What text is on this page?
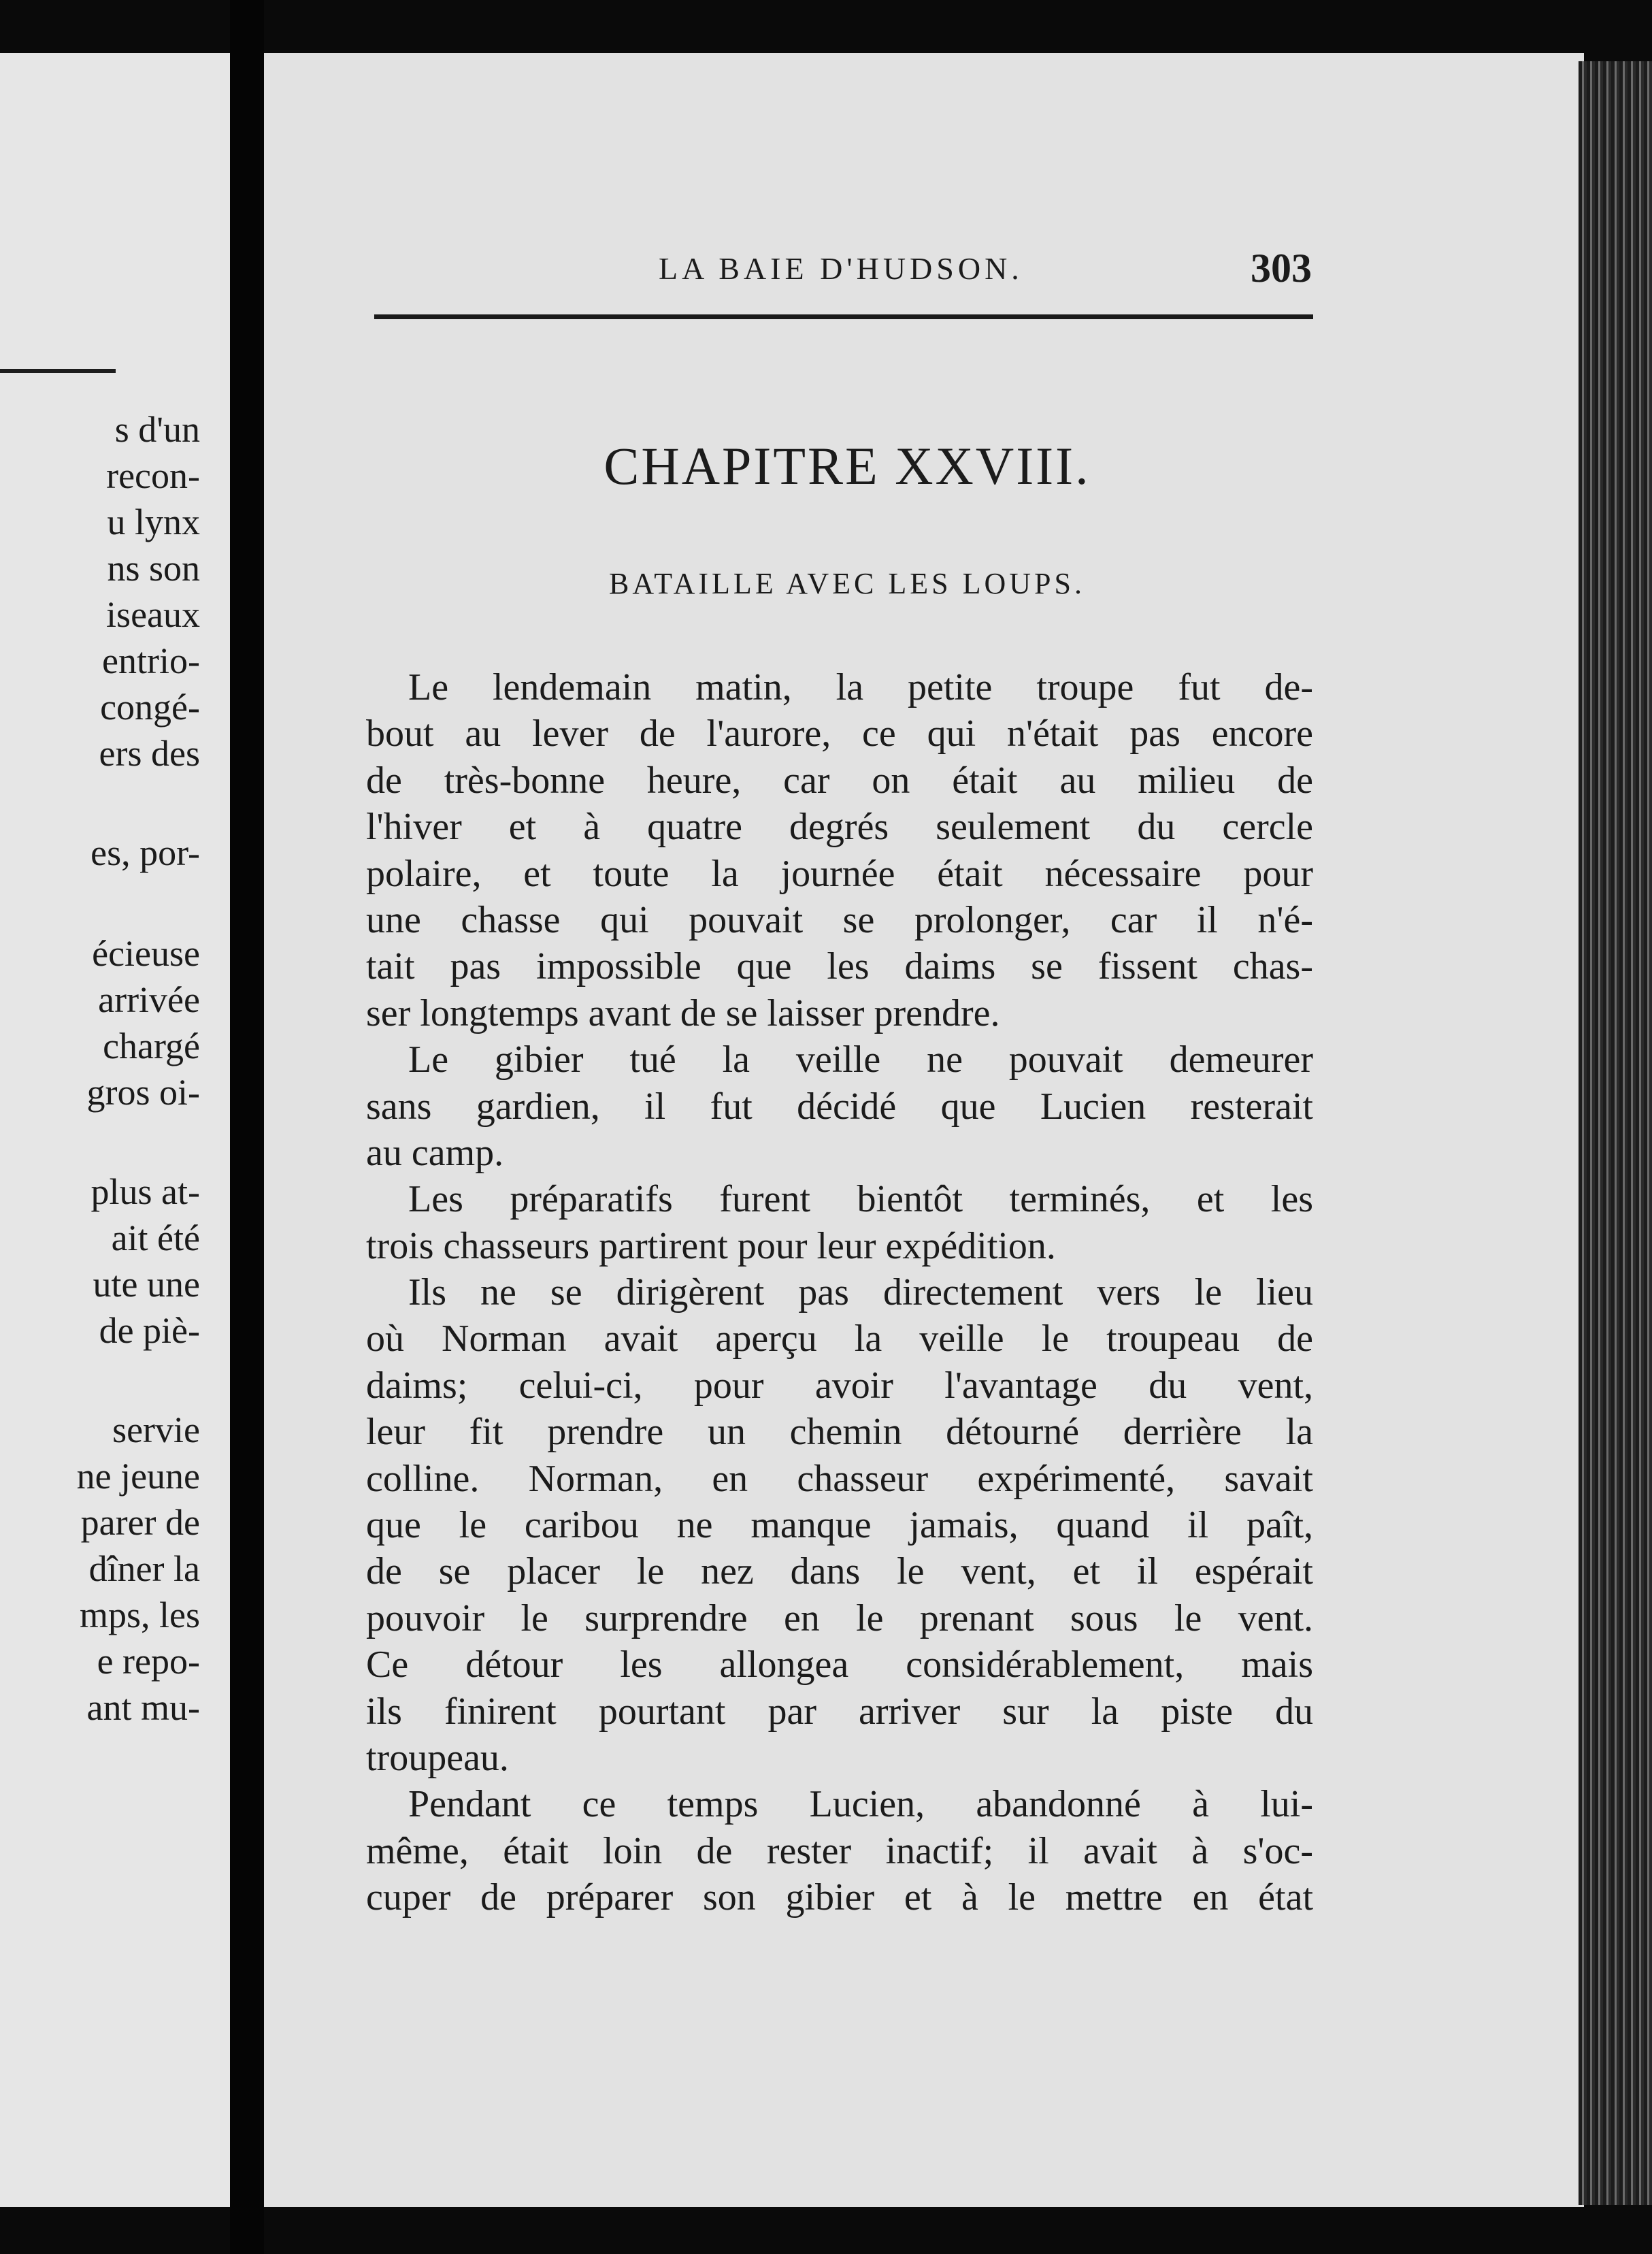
s d'un
recon-
u lynx
ns son
iseaux
entrio-
congé-
ers des
es, por-
écieuse
arrivée
chargé
gros oi-
plus at-
ait été
ute une
de piè-
servie
ne jeune
parer de
dîner la
mps, les
e repo-
ant mu-
LA BAIE D'HUDSON.	303
CHAPITRE XXVIII.
BATAILLE AVEC LES LOUPS.
Le lendemain matin, la petite troupe fut de-
bout au lever de l'aurore, ce qui n'était pas encore
de très-bonne heure, car on était au milieu de
l'hiver et à quatre degrés seulement du cercle
polaire, et toute la journée était nécessaire pour
une chasse qui pouvait se prolonger, car il n'é-
tait pas impossible que les daims se fissent chas-
ser longtemps avant de se laisser prendre.
Le gibier tué la veille ne pouvait demeurer
sans gardien, il fut décidé que Lucien resterait
au camp.
Les préparatifs furent bientôt terminés, et les
trois chasseurs partirent pour leur expédition.
Ils ne se dirigèrent pas directement vers le lieu
où Norman avait aperçu la veille le troupeau de
daims; celui-ci, pour avoir l'avantage du vent,
leur fit prendre un chemin détourné derrière la
colline. Norman, en chasseur expérimenté, savait
que le caribou ne manque jamais, quand il paît,
de se placer le nez dans le vent, et il espérait
pouvoir le surprendre en le prenant sous le vent.
Ce détour les allongea considérablement, mais
ils finirent pourtant par arriver sur la piste du
troupeau.
Pendant ce temps Lucien, abandonné à lui-
même, était loin de rester inactif; il avait à s'oc-
cuper de préparer son gibier et à le mettre en état
